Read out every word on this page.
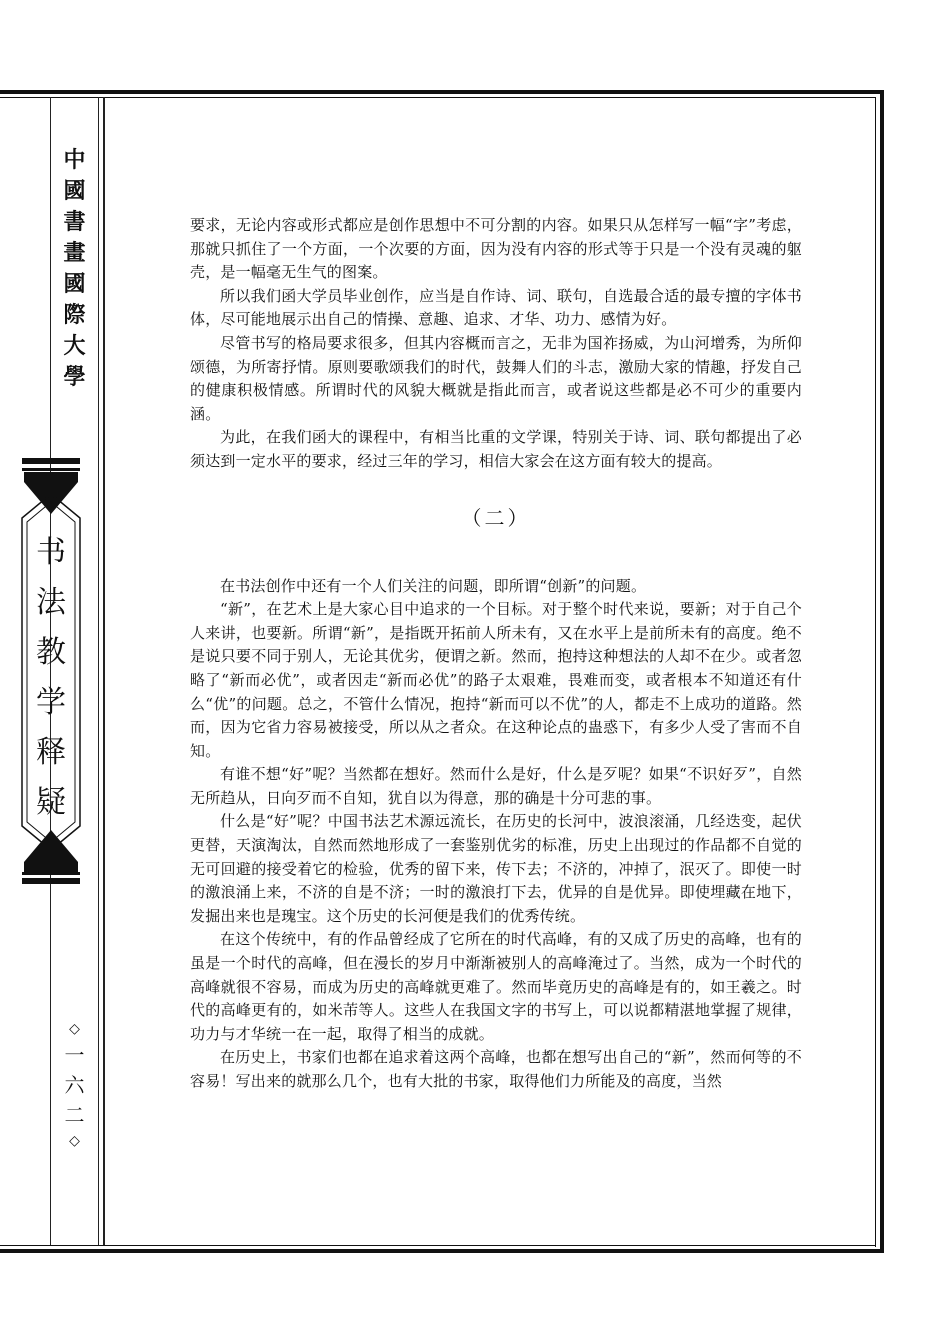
中
國
書
畫
國
際
大
學
书
法
教
学
释
疑
◇
一
六
二
◇

要求，无论内容或形式都应是创作思想中不可分割的内容。如果只从怎样写一幅“字”考虑，那就只抓住了一个方面，一个次要的方面，因为没有内容的形式等于只是一个没有灵魂的躯壳，是一幅毫无生气的图案。

所以我们函大学员毕业创作，应当是自作诗、词、联句，自选最合适的最专擅的字体书体，尽可能地展示出自己的情操、意趣、追求、才华、功力、感情为好。

尽管书写的格局要求很多，但其内容概而言之，无非为国祚扬威，为山河增秀，为所仰颂德，为所寄抒情。原则要歌颂我们的时代，鼓舞人们的斗志，激励大家的情趣，抒发自己的健康积极情感。所谓时代的风貌大概就是指此而言，或者说这些都是必不可少的重要内涵。

为此，在我们函大的课程中，有相当比重的文学课，特别关于诗、词、联句都提出了必须达到一定水平的要求，经过三年的学习，相信大家会在这方面有较大的提高。

（二）

在书法创作中还有一个人们关注的问题，即所谓“创新”的问题。

“新”，在艺术上是大家心目中追求的一个目标。对于整个时代来说，要新；对于自己个人来讲，也要新。所谓“新”，是指既开拓前人所未有，又在水平上是前所未有的高度。绝不是说只要不同于别人，无论其优劣，便谓之新。然而，抱持这种想法的人却不在少。或者忽略了“新而必优”，或者因走“新而必优”的路子太艰难，畏难而变，或者根本不知道还有什么“优”的问题。总之，不管什么情况，抱持“新而可以不优”的人，都走不上成功的道路。然而，因为它省力容易被接受，所以从之者众。在这种论点的蛊惑下，有多少人受了害而不自知。

有谁不想“好”呢？当然都在想好。然而什么是好，什么是歹呢？如果“不识好歹”，自然无所趋从，日向歹而不自知，犹自以为得意，那的确是十分可悲的事。

什么是“好”呢？中国书法艺术源远流长，在历史的长河中，波浪滚涌，几经迭变，起伏更替，天演淘汰，自然而然地形成了一套鉴别优劣的标准，历史上出现过的作品都不自觉的无可回避的接受着它的检验，优秀的留下来，传下去；不济的，冲掉了，泯灭了。即使一时的激浪涌上来，不济的自是不济；一时的激浪打下去，优异的自是优异。即使埋藏在地下，发掘出来也是瑰宝。这个历史的长河便是我们的优秀传统。

在这个传统中，有的作品曾经成了它所在的时代高峰，有的又成了历史的高峰，也有的虽是一个时代的高峰，但在漫长的岁月中渐渐被别人的高峰淹过了。当然，成为一个时代的高峰就很不容易，而成为历史的高峰就更难了。然而毕竟历史的高峰是有的，如王羲之。时代的高峰更有的，如米芾等人。这些人在我国文字的书写上，可以说都精湛地掌握了规律，功力与才华统一在一起，取得了相当的成就。

在历史上，书家们也都在追求着这两个高峰，也都在想写出自己的“新”，然而何等的不容易！写出来的就那么几个，也有大批的书家，取得他们力所能及的高度，当然
